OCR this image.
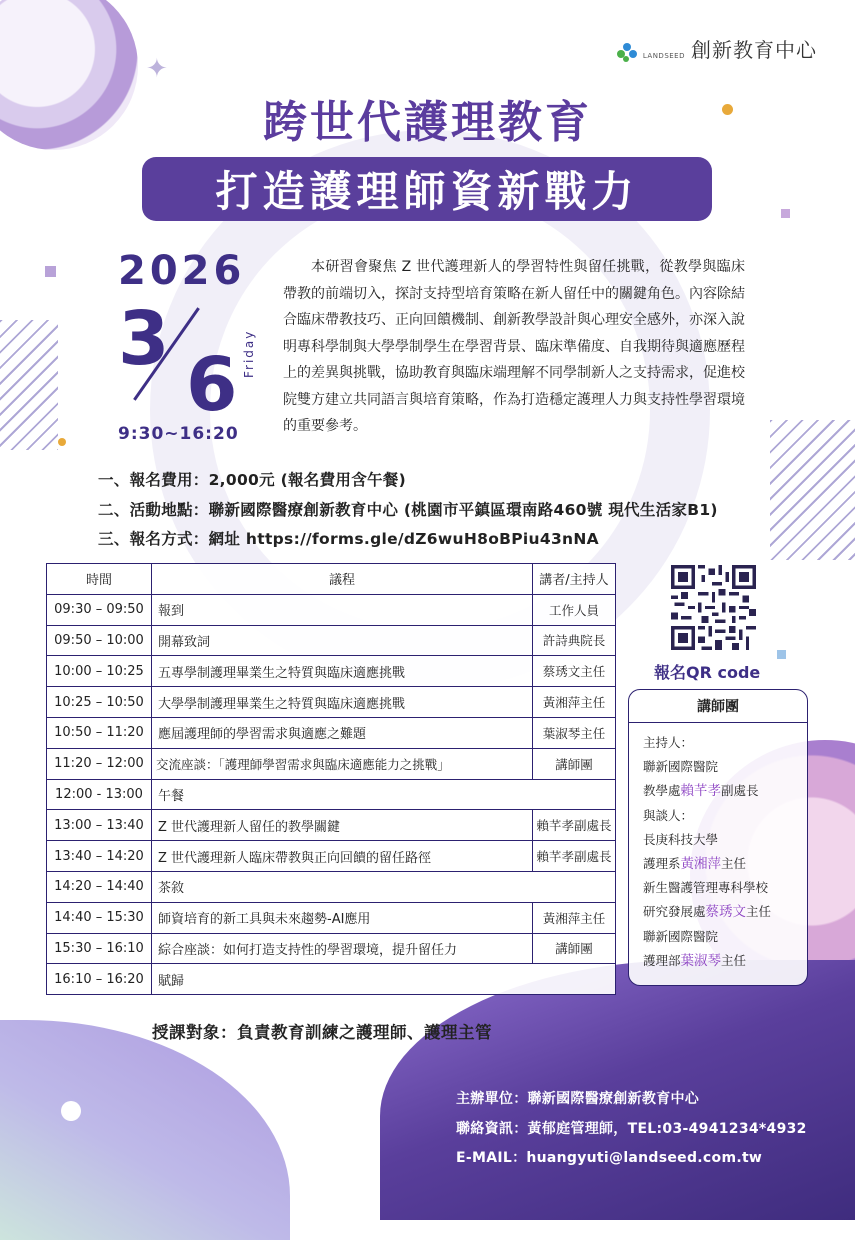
✦	LANDSEED 創新教育中心
跨世代護理教育
打造護理師資新戰力
2026
3
6 Friday
9:30~16:20
本研習會聚焦 Z 世代護理新人的學習特性與留任挑戰，從教學與臨床帶教的前端切入，探討支持型培育策略在新人留任中的關鍵角色。內容除結合臨床帶教技巧、正向回饋機制、創新教學設計與心理安全感外，亦深入說明專科學制與大學學制學生在學習背景、臨床準備度、自我期待與適應歷程上的差異與挑戰，協助教育與臨床端理解不同學制新人之支持需求，促進校院雙方建立共同語言與培育策略，作為打造穩定護理人力與支持性學習環境的重要參考。
一、報名費用：2,000元 (報名費用含午餐)
二、活動地點：聯新國際醫療創新教育中心 (桃園市平鎮區環南路460號 現代生活家B1)
三、報名方式：網址 https://forms.gle/dZ6wuH8oBPiu43nNA
時間	議程	講者/主持人
09:30 – 09:50	報到	工作人員
09:50 – 10:00	開幕致詞	許詩典院長
10:00 – 10:25	五專學制護理畢業生之特質與臨床適應挑戰	蔡琇文主任
10:25 – 10:50	大學學制護理畢業生之特質與臨床適應挑戰	黃湘萍主任
10:50 – 11:20	應屆護理師的學習需求與適應之難題	葉淑琴主任
11:20 – 12:00	交流座談：「護理師學習需求與臨床適應能力之挑戰」	講師團
12:00 - 13:00	午餐	
13:00 – 13:40	Z 世代護理新人留任的教學關鍵	賴芊孝副處長
13:40 – 14:20	Z 世代護理新人臨床帶教與正向回饋的留任路徑	賴芊孝副處長
14:20 – 14:40	茶敘	
14:40 – 15:30	師資培育的新工具與未來趨勢-AI應用	黃湘萍主任
15:30 – 16:10	綜合座談：如何打造支持性的學習環境，提升留任力	講師團
16:10 – 16:20	賦歸	
報名QR code
講師團
主持人：
聯新國際醫院
教學處賴芊孝副處長
與談人：
長庚科技大學
護理系黃湘萍主任
新生醫護管理專科學校
研究發展處蔡琇文主任
聯新國際醫院
護理部葉淑琴主任
授課對象：負責教育訓練之護理師、護理主管
主辦單位：聯新國際醫療創新教育中心
聯絡資訊：黃郁庭管理師，TEL:03-4941234*4932
E-MAIL：huangyuti@landseed.com.tw
